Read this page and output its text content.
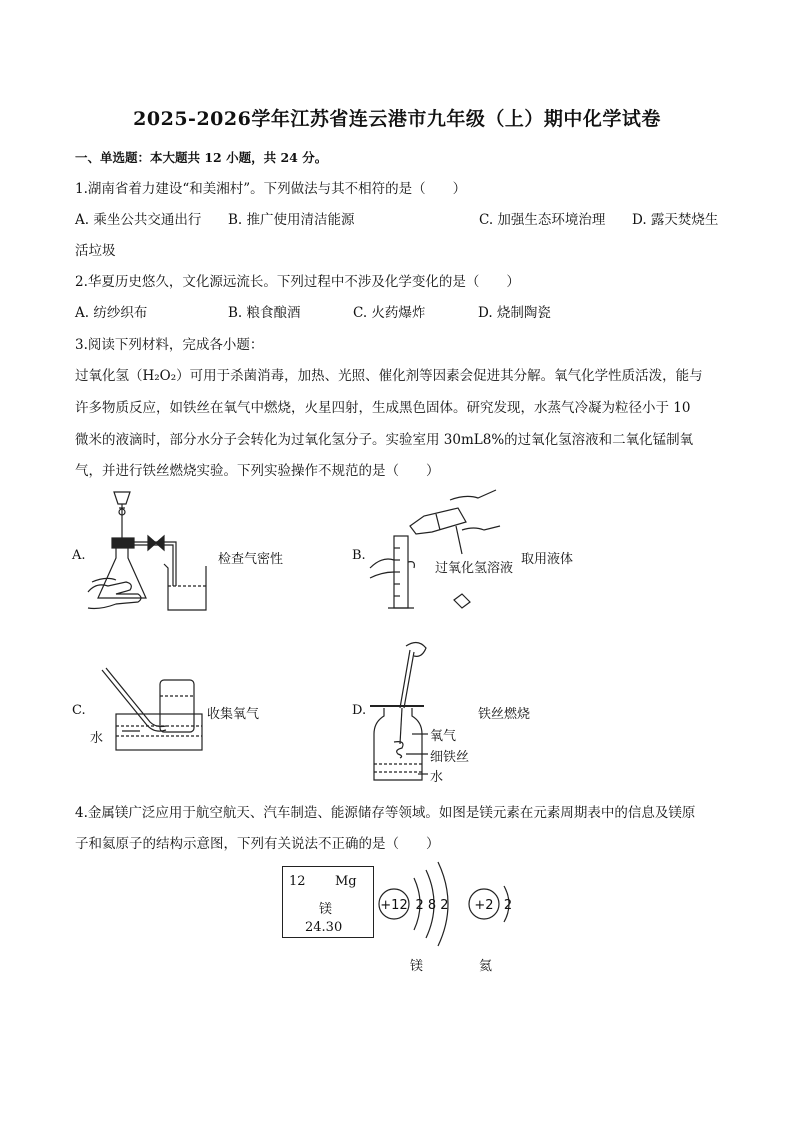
2025-2026学年江苏省连云港市九年级（上）期中化学试卷
一、单选题：本大题共 12 小题，共 24 分。
1.湖南省着力建设“和美湘村”。下列做法与其不相符的是（　　）
A. 乘坐公共交通出行 B. 推广使用清洁能源	C. 加强生态环境治理 D. 露天焚烧生
活垃圾
2.华夏历史悠久，文化源远流长。下列过程中不涉及化学变化的是（　　）
A. 纺纱织布	B. 粮食酿酒	C. 火药爆炸	D. 烧制陶瓷
3.阅读下列材料，完成各小题：
过氧化氢（H₂O₂）可用于杀菌消毒，加热、光照、催化剂等因素会促进其分解。氧气化学性质活泼，能与
许多物质反应，如铁丝在氧气中燃烧，火星四射，生成黑色固体。研究发现，水蒸气冷凝为粒径小于 10
微米的液滴时，部分水分子会转化为过氧化氢分子。实验室用 30mL8%的过氧化氢溶液和二氧化锰制氧
气，并进行铁丝燃烧实验。下列实验操作不规范的是（　　）
A.	检查气密性	B.	取用液体
过氧化氢溶液
C.	收集氧气
水
D.	铁丝燃烧
氧气
细铁丝
水
4.金属镁广泛应用于航空航天、汽车制造、能源储存等领域。如图是镁元素在元素周期表中的信息及镁原
子和氦原子的结构示意图，下列有关说法不正确的是（　　）
12 Mg
镁
24.30
+12 2 8 2 +2 2
镁	氦
